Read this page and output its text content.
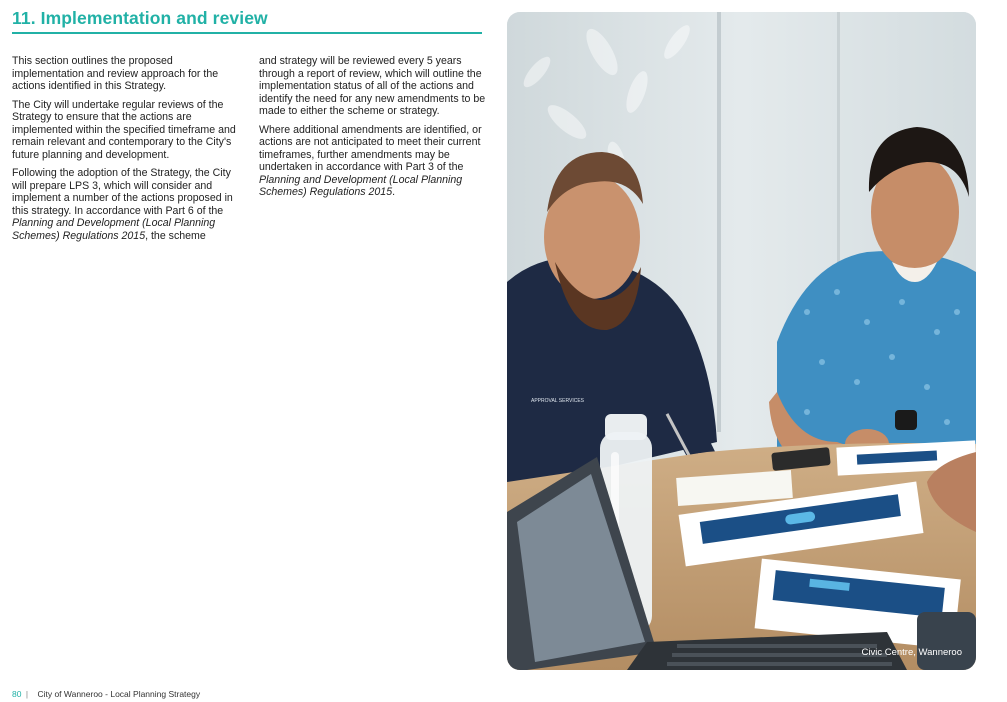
11. Implementation and review

This section outlines the proposed implementation and review approach for the actions identified in this Strategy.

The City will undertake regular reviews of the Strategy to ensure that the actions are implemented within the specified timeframe and remain relevant and contemporary to the City's future planning and development.

Following the adoption of the Strategy, the City will prepare LPS 3, which will consider and implement a number of the actions proposed in this strategy. In accordance with Part 6 of the Planning and Development (Local Planning Schemes) Regulations 2015, the scheme

and strategy will be reviewed every 5 years through a report of review, which will outline the implementation status of all of the actions and identify the need for any new amendments to be made to either the scheme or strategy.

Where additional amendments are identified, or actions are not anticipated to meet their current timeframes, further amendments may be undertaken in accordance with Part 3 of the Planning and Development (Local Planning Schemes) Regulations 2015.

APPROVAL SERVICES
Civic Centre, Wanneroo
80 | City of Wanneroo - Local Planning Strategy
